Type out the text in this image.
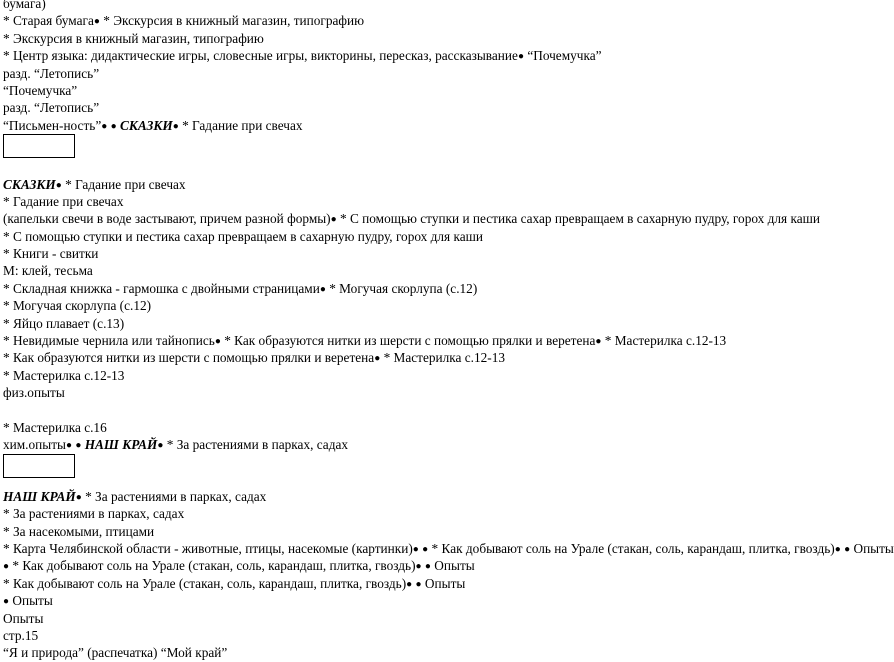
бумага)
* Старая бумага● * Экскурсия в книжный магазин, типографию
* Экскурсия в книжный магазин, типографию
* Центр языка: дидактические игры, словесные игры, викторины, пересказ, рассказывание● “Почемучка”
разд. “Летопись”
“Почемучка”
разд. “Летопись”
“Письмен-ность”● ● СКАЗКИ● * Гадание при свечах
СКАЗКИ● * Гадание при свечах
* Гадание при свечах
(капельки свечи в воде застывают, причем разной формы)● * С помощью ступки и пестика сахар превращаем в сахарную пудру, горох для каши
* С помощью ступки и пестика сахар превращаем в сахарную пудру, горох для каши
* Книги - свитки
М: клей, тесьма
* Складная книжка - гармошка с двойными страницами● * Могучая скорлупа (с.12)
* Могучая скорлупа (с.12)
* Яйцо плавает (с.13)
* Невидимые чернила или тайнопись● * Как образуются нитки из шерсти с помощью прялки и веретена● * Мастерилка с.12-13
* Как образуются нитки из шерсти с помощью прялки и веретена● * Мастерилка с.12-13
* Мастерилка с.12-13
физ.опыты
* Мастерилка с.16
хим.опыты● ● НАШ КРАЙ● * За растениями в парках, садах
НАШ КРАЙ● * За растениями в парках, садах
* За растениями в парках, садах
* За насекомыми, птицами
* Карта Челябинской области - животные, птицы, насекомые (картинки)● ● * Как добывают соль на Урале (стакан, соль, карандаш, плитка, гвоздь)● ● Опыты
● * Как добывают соль на Урале (стакан, соль, карандаш, плитка, гвоздь)● ● Опыты
* Как добывают соль на Урале (стакан, соль, карандаш, плитка, гвоздь)● ● Опыты
● Опыты
Опыты
стр.15
“Я и природа” (распечатка) “Мой край”
